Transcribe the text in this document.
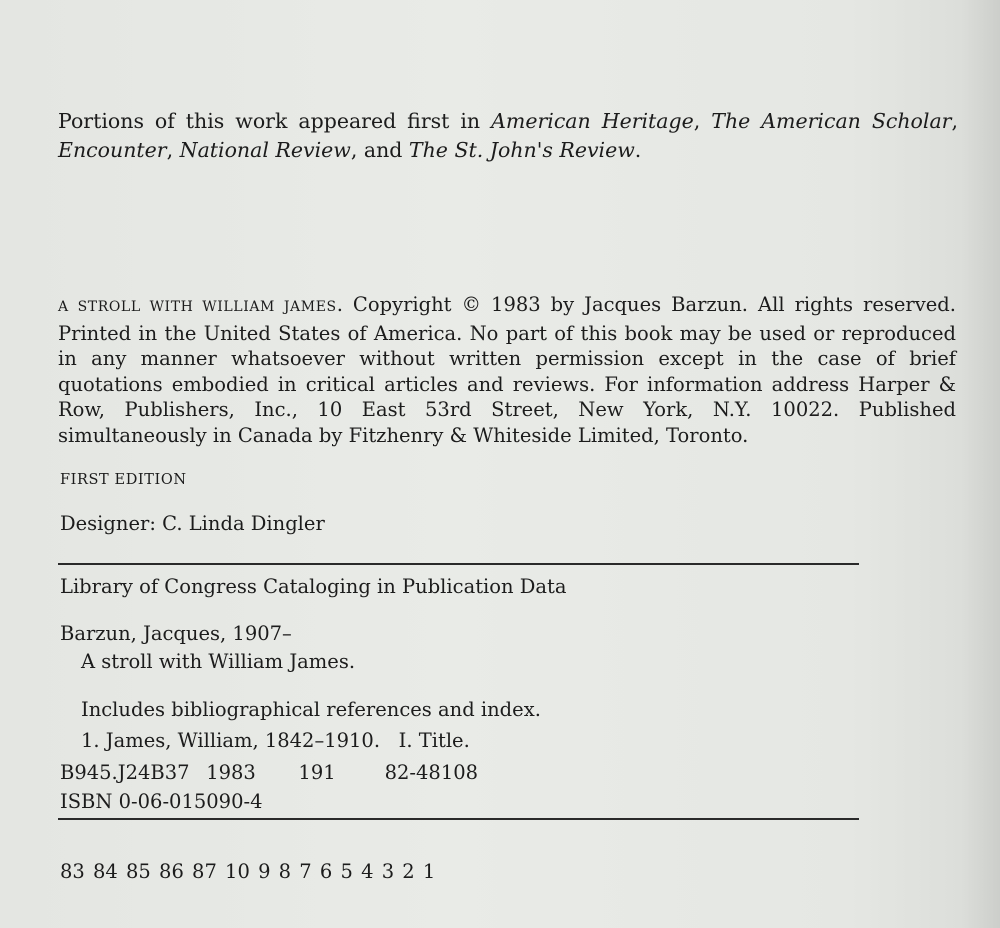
Portions of this work appeared first in American Heritage, The American Scholar, Encounter, National Review, and The St. John's Review.

A STROLL WITH WILLIAM JAMES. Copyright © 1983 by Jacques Barzun. All rights reserved. Printed in the United States of America. No part of this book may be used or reproduced in any manner whatsoever without written permission except in the case of brief quotations embodied in critical articles and reviews. For information address Harper & Row, Publishers, Inc., 10 East 53rd Street, New York, N.Y. 10022. Published simultaneously in Canada by Fitzhenry & Whiteside Limited, Toronto.

FIRST EDITION
Designer: C. Linda Dingler
Library of Congress Cataloging in Publication Data
Barzun, Jacques, 1907–
A stroll with William James.
Includes bibliographical references and index.
1. James, William, 1842–1910.   I. Title.
B945.J24B37 1983 191	82-48108
ISBN 0-06-015090-4
83 84 85 86 87 10 9 8 7 6 5 4 3 2 1
